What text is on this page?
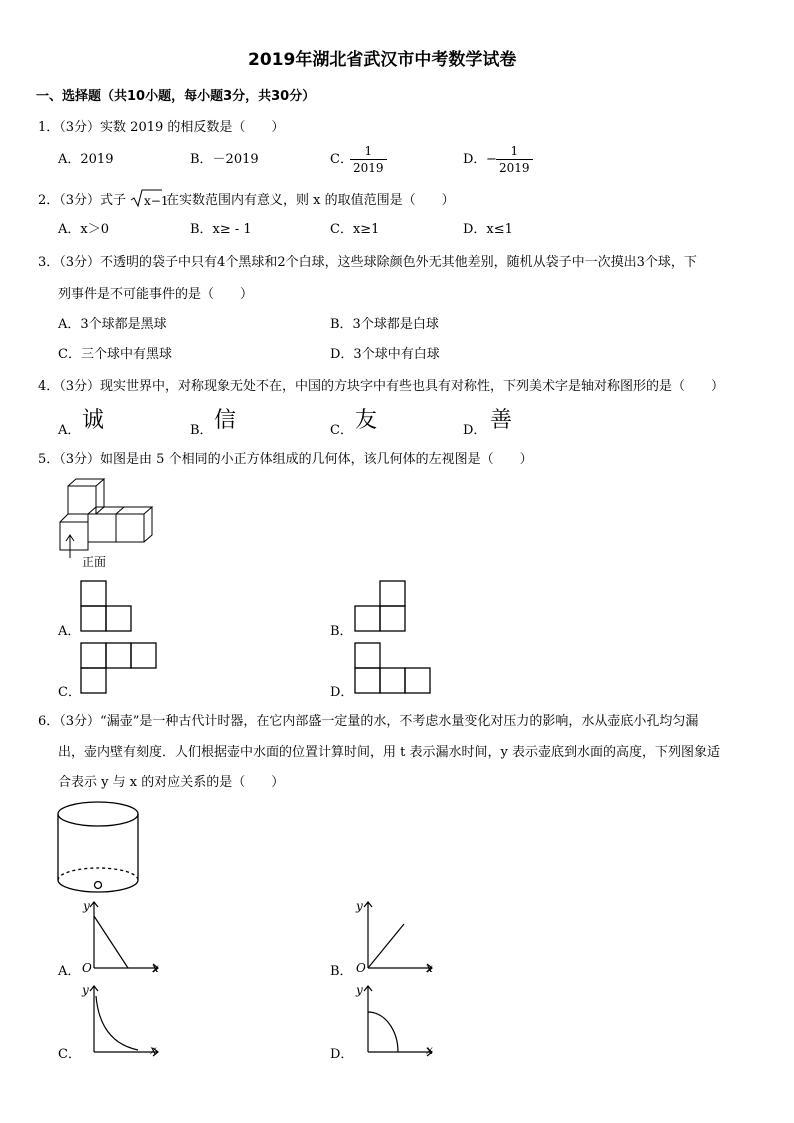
2019年湖北省武汉市中考数学试卷
一、选择题（共10小题，每小题3分，共30分）
1．（3分）实数 2019 的相反数是（　　）
A．2019	B．－2019	C．
$\frac{1}{2019}$	D． − $\frac{1}{2019}$
2．（3分）式子 x−1
在实数范围内有意义，则 x 的取值范围是（　　）
A．x＞0	B．x≥ - 1	C．x≥1	D．x≤1
3．（3分）不透明的袋子中只有4个黑球和2个白球，这些球除颜色外无其他差别，随机从袋子中一次摸出3个球，下
列事件是不可能事件的是（　　）
A．3个球都是黑球	B．3个球都是白球
C．三个球中有黑球	D．3个球中有白球
4．（3分）现实世界中，对称现象无处不在，中国的方块字中有些也具有对称性，下列美术字是轴对称图形的是（　　）
A． 诚	B． 信	C． 友	D． 善
5．（3分）如图是由 5 个相同的小正方体组成的几何体，该几何体的左视图是（　　）
正面
A．	B．
C．	D．
6．（3分）“漏壶”是一种古代计时器，在它内部盛一定量的水，不考虑水量变化对压力的影响，水从壶底小孔均匀漏
出，壶内壁有刻度．人们根据壶中水面的位置计算时间，用 t 表示漏水时间，y 表示壶底到水面的高度，下列图象适
合表示 y 与 x 的对应关系的是（　　）
A．
y
x
O	B．
y
x
O
C．
y
x	D．
y
x
